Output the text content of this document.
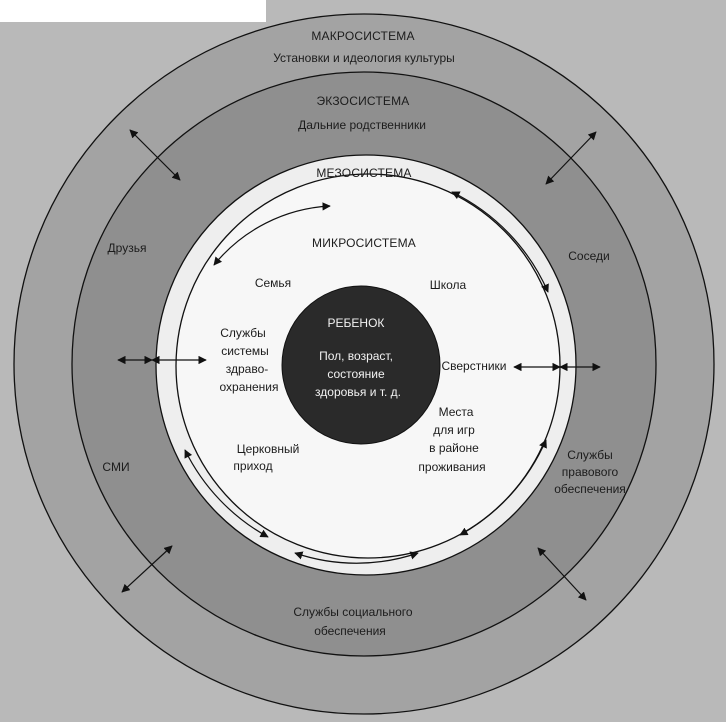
МАКРОСИСТЕМА
Установки и идеология культуры
ЭКЗОСИСТЕМА
Дальние родственники
Друзья
Соседи
СМИ
Службы
правового
обеспечения
Службы социального
обеспечения
МЕЗОСИСТЕМА
МИКРОСИСТЕМА
Семья	Школа
Службы
системы
здраво-
охранения
Сверстники
Церковный
приход
Места
для игр
в районе
проживания
РЕБЕНОК
Пол, возраст,
состояние
здоровья и т. д.
